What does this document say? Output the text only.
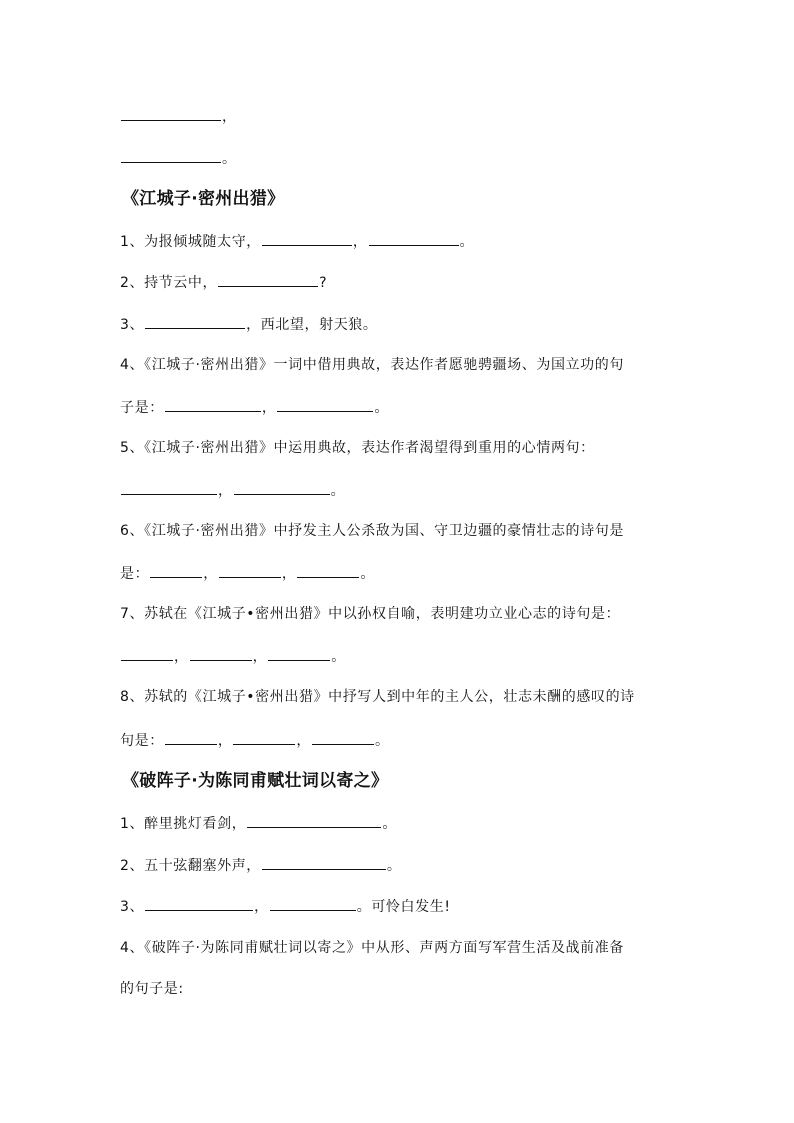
，
。
《江城子·密州出猎》
1、为报倾城随太守，	，	。
2、持节云中，	?
3、	，西北望，射天狼。
4、《江城子·密州出猎》一词中借用典故，表达作者愿驰骋疆场、为国立功的句
子是：	，	。
5、《江城子·密州出猎》中运用典故，表达作者渴望得到重用的心情两句：
，	。
6、《江城子·密州出猎》中抒发主人公杀敌为国、守卫边疆的豪情壮志的诗句是
是：	，	，	。
7、苏轼在《江城子•密州出猎》中以孙权自喻，表明建功立业心志的诗句是：
，	，	。
8、苏轼的《江城子•密州出猎》中抒写人到中年的主人公，壮志未酬的感叹的诗
句是：	，	，	。
《破阵子·为陈同甫赋壮词以寄之》
1、醉里挑灯看剑，	。
2、五十弦翻塞外声，	。
3、	，	。可怜白发生!
4、《破阵子·为陈同甫赋壮词以寄之》中从形、声两方面写军营生活及战前准备
的句子是:
